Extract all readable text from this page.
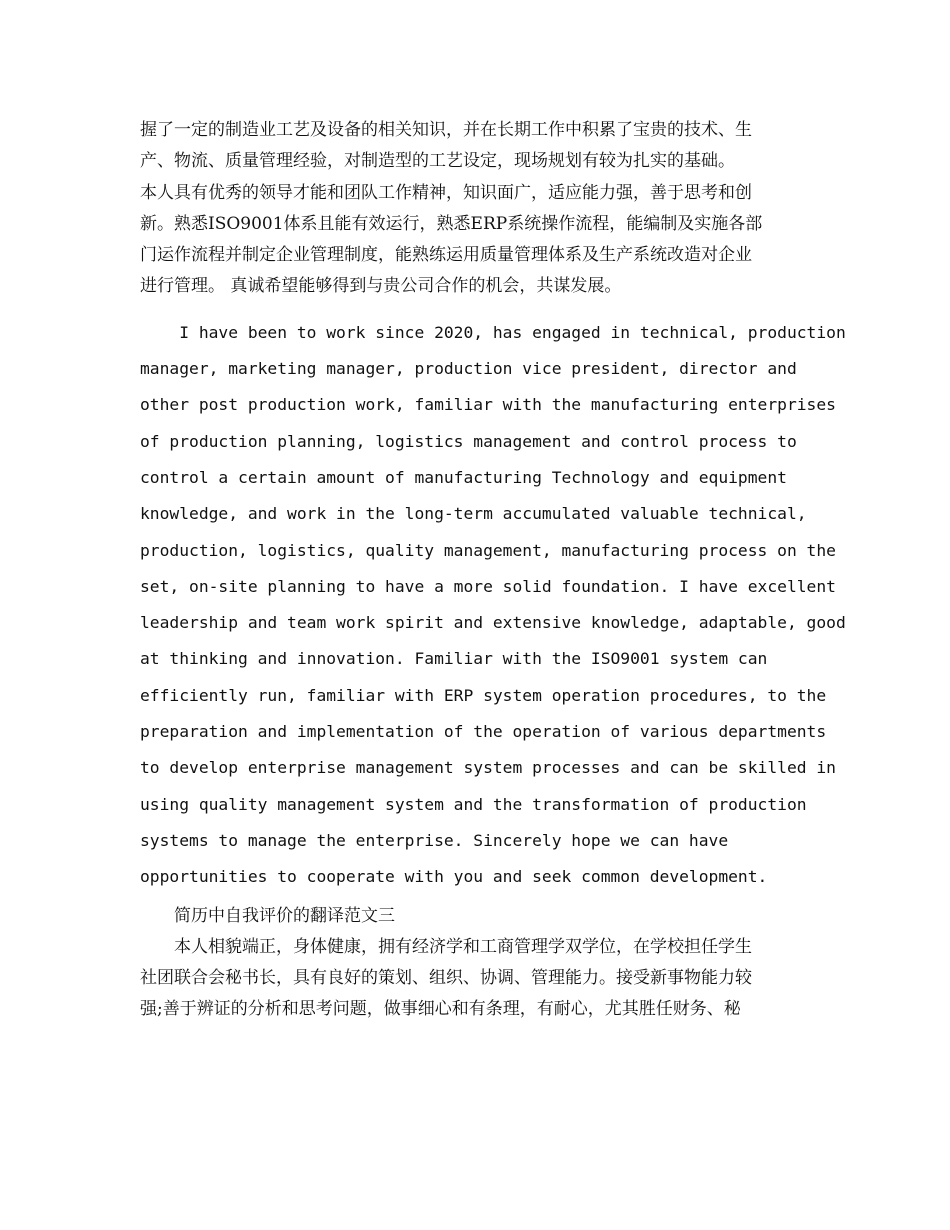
握了一定的制造业工艺及设备的相关知识，并在长期工作中积累了宝贵的技术、生

产、物流、质量管理经验，对制造型的工艺设定，现场规划有较为扎实的基础。

本人具有优秀的领导才能和团队工作精神，知识面广，适应能力强，善于思考和创

新。熟悉ISO9001体系且能有效运行，熟悉ERP系统操作流程，能编制及实施各部

门运作流程并制定企业管理制度，能熟练运用质量管理体系及生产系统改造对企业

进行管理。 真诚希望能够得到与贵公司合作的机会，共谋发展。

I have been to work since 2020, has engaged in technical, production

manager, marketing manager, production vice president, director and

other post production work, familiar with the manufacturing enterprises

of production planning, logistics management and control process to

control a certain amount of manufacturing Technology and equipment

knowledge, and work in the long-term accumulated valuable technical,

production, logistics, quality management, manufacturing process on the

set, on-site planning to have a more solid foundation. I have excellent

leadership and team work spirit and extensive knowledge, adaptable, good

at thinking and innovation. Familiar with the ISO9001 system can

efficiently run, familiar with ERP system operation procedures, to the

preparation and implementation of the operation of various departments

to develop enterprise management system processes and can be skilled in

using quality management system and the transformation of production

systems to manage the enterprise. Sincerely hope we can have

opportunities to cooperate with you and seek common development.

简历中自我评价的翻译范文三

本人相貌端正，身体健康，拥有经济学和工商管理学双学位，在学校担任学生

社团联合会秘书长，具有良好的策划、组织、协调、管理能力。接受新事物能力较

强;善于辨证的分析和思考问题，做事细心和有条理，有耐心，尤其胜任财务、秘
